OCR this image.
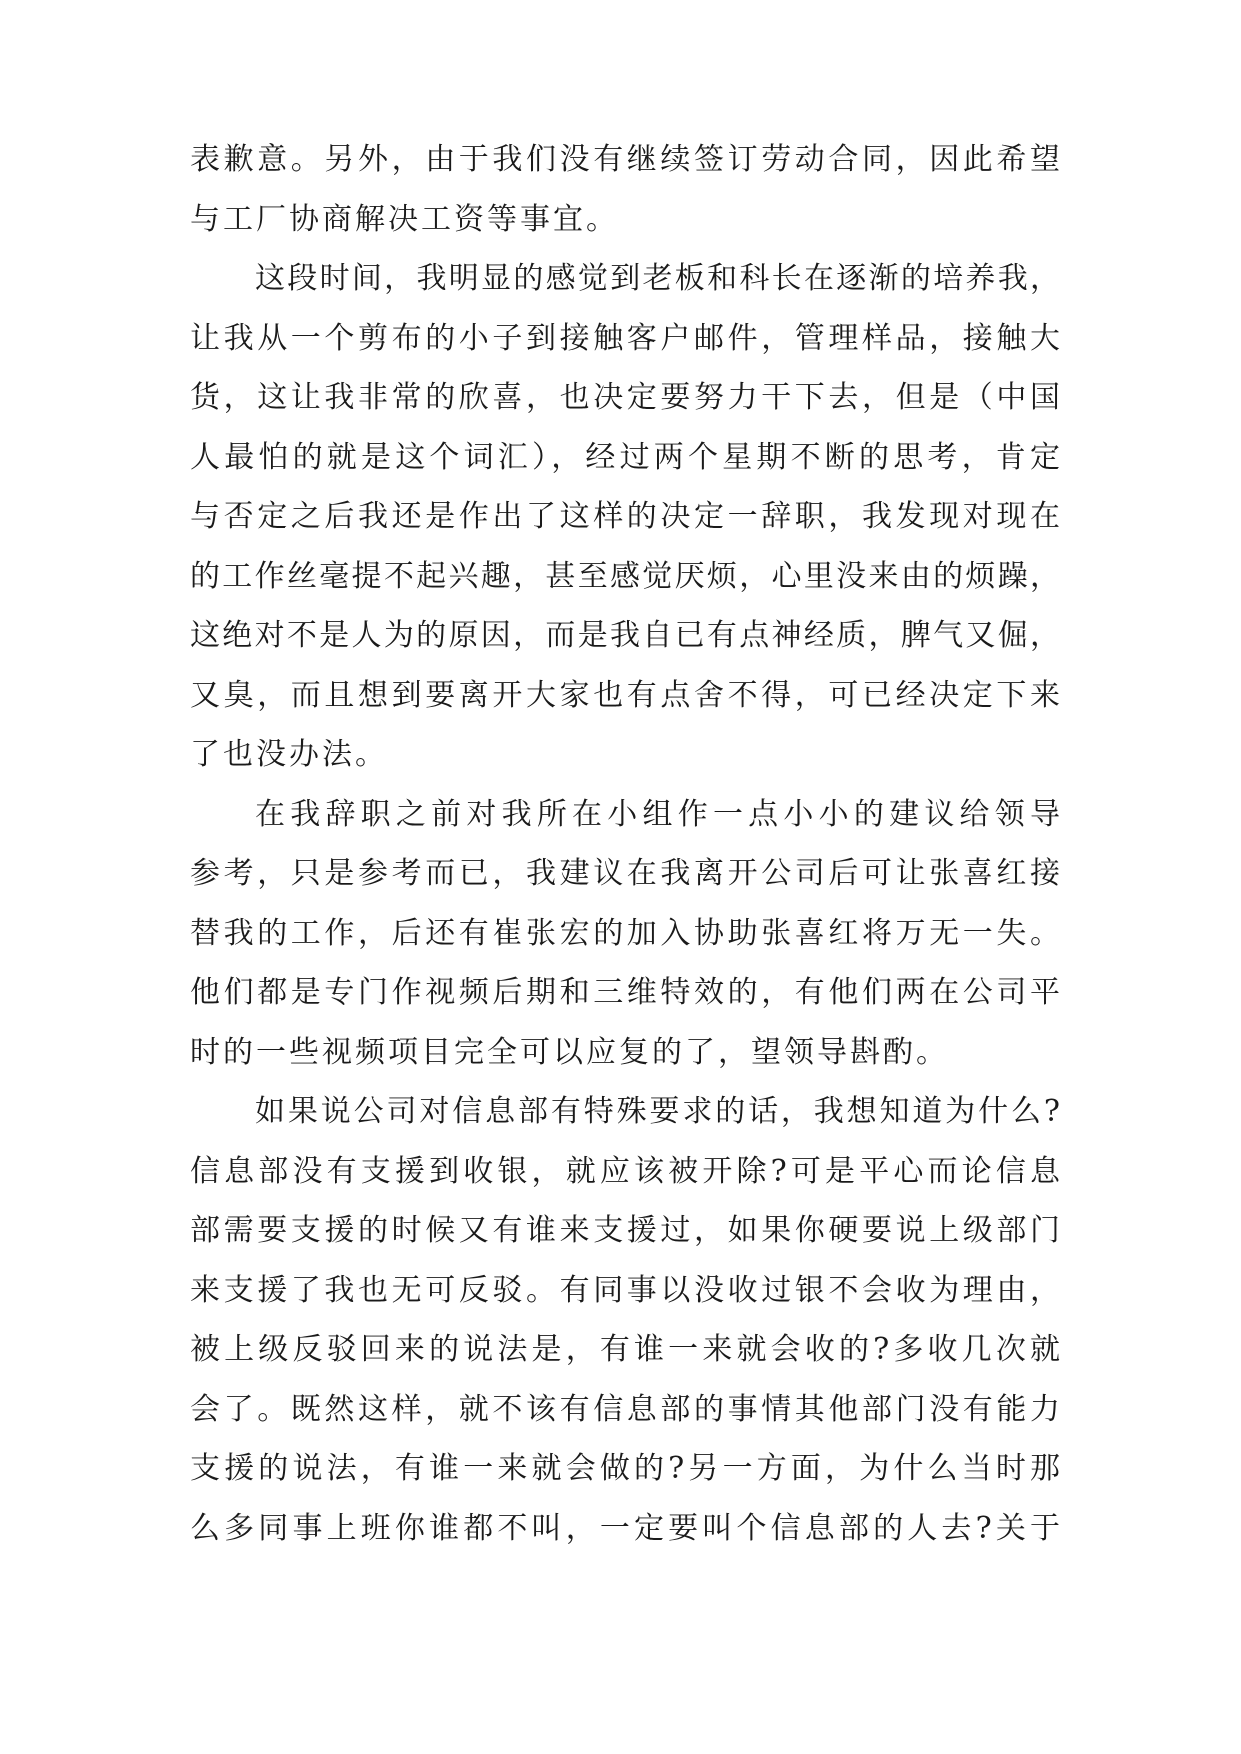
表歉意。另外，由于我们没有继续签订劳动合同，因此希望
与工厂协商解决工资等事宜。
这段时间，我明显的感觉到老板和科长在逐渐的培养我，
让我从一个剪布的小子到接触客户邮件，管理样品，接触大
货，这让我非常的欣喜，也决定要努力干下去，但是（中国
人最怕的就是这个词汇），经过两个星期不断的思考，肯定
与否定之后我还是作出了这样的决定一辞职，我发现对现在
的工作丝毫提不起兴趣，甚至感觉厌烦，心里没来由的烦躁，
这绝对不是人为的原因，而是我自已有点神经质，脾气又倔，
又臭，而且想到要离开大家也有点舍不得，可已经决定下来
了也没办法。
在我辞职之前对我所在小组作一点小小的建议给领导
参考，只是参考而已，我建议在我离开公司后可让张喜红接
替我的工作，后还有崔张宏的加入协助张喜红将万无一失。
他们都是专门作视频后期和三维特效的，有他们两在公司平
时的一些视频项目完全可以应复的了，望领导斟酌。
如果说公司对信息部有特殊要求的话，我想知道为什么?
信息部没有支援到收银，就应该被开除?可是平心而论信息
部需要支援的时候又有谁来支援过，如果你硬要说上级部门
来支援了我也无可反驳。有同事以没收过银不会收为理由，
被上级反驳回来的说法是，有谁一来就会收的?多收几次就
会了。既然这样，就不该有信息部的事情其他部门没有能力
支援的说法，有谁一来就会做的?另一方面，为什么当时那
么多同事上班你谁都不叫，一定要叫个信息部的人去?关于
